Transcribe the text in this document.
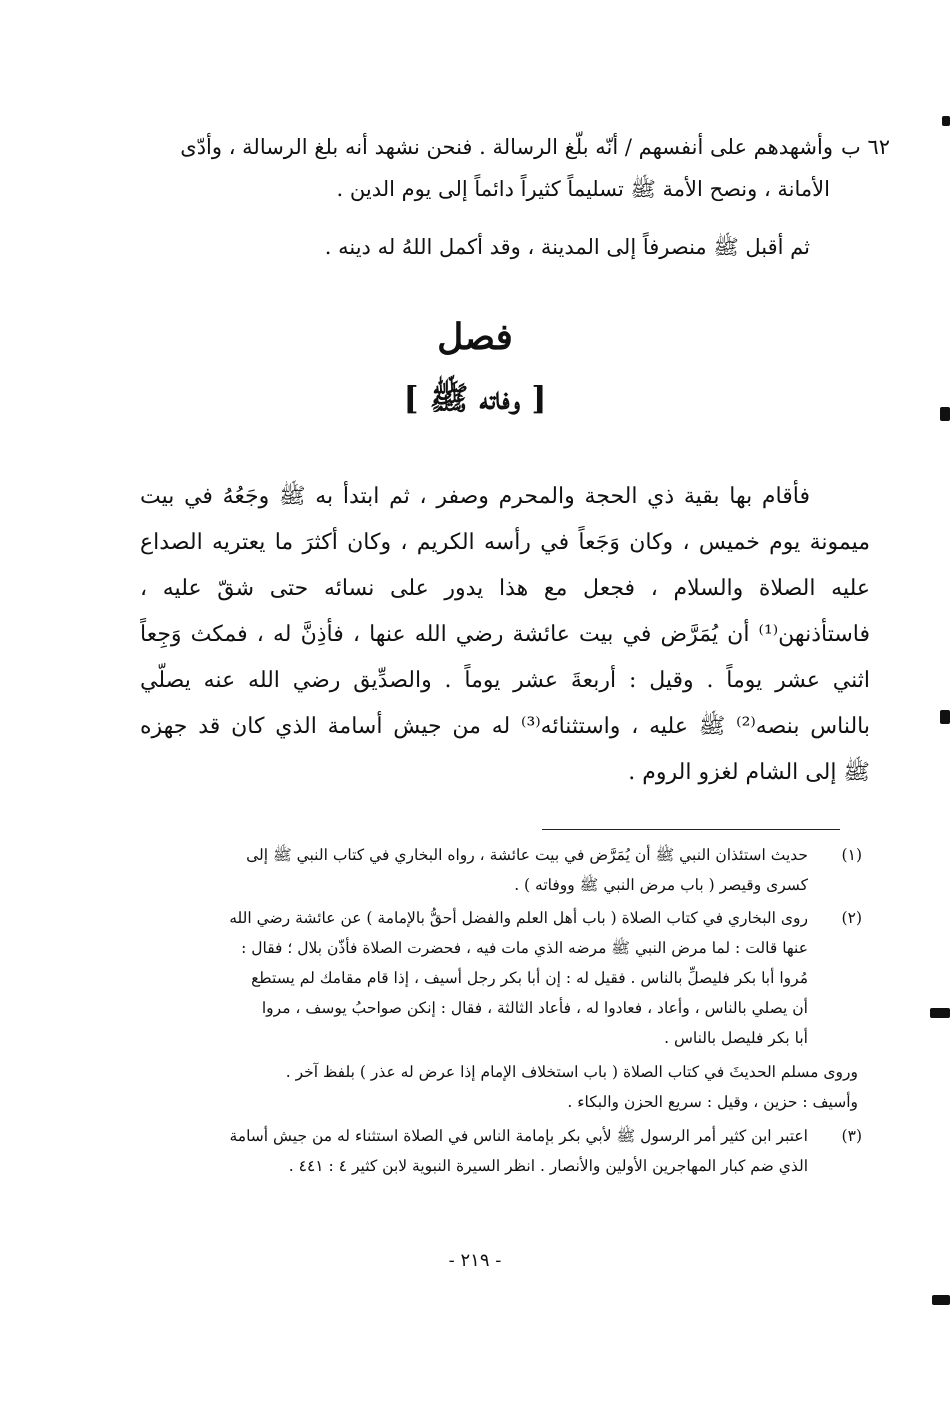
٦٢ بوأشهدهم على أنفسهم / أنّه بلّغ الرسالة . فنحن نشهد أنه بلغ الرسالة ، وأدّى
الأمانة ، ونصح الأمة ﷺ تسليماً كثيراً دائماً إلى يوم الدين .
ثم أقبل ﷺ منصرفاً إلى المدينة ، وقد أكمل اللهُ له دينه .
فصل
[ وفاته ﷺ ]
فأقام بها بقية ذي الحجة والمحرم وصفر ، ثم ابتدأ به ﷺ وجَعُهُ في بيت
ميمونة يوم خميس ، وكان وَجَعاً في رأسه الكريم ، وكان أكثرَ ما يعتريه الصداع
عليه الصلاة والسلام ، فجعل مع هذا يدور على نسائه حتى شقّ عليه ،
فاستأذنهن⁽¹⁾ أن يُمَرَّض في بيت عائشة رضي الله عنها ، فأذِنَّ له ، فمكث وَجِعاً
اثني عشر يوماً . وقيل : أربعةَ عشر يوماً . والصدِّيق رضي الله عنه يصلّي
بالناس بنصه⁽²⁾ ﷺ عليه ، واستثنائه⁽³⁾ له من جيش أسامة الذي كان قد جهزه
ﷺ إلى الشام لغزو الروم .
(١)
حديث استئذان النبي ﷺ أن يُمَرَّض في بيت عائشة ، رواه البخاري في كتاب النبي ﷺ إلى
كسرى وقيصر ( باب مرض النبي ﷺ ووفاته ) .
(٢)
روى البخاري في كتاب الصلاة ( باب أهل العلم والفضل أحقُّ بالإمامة ) عن عائشة رضي الله
عنها قالت : لما مرض النبي ﷺ مرضه الذي مات فيه ، فحضرت الصلاة فأذّن بلال ؛ فقال :
مُروا أبا بكر فليصلِّ بالناس . فقيل له : إن أبا بكر رجل أسيف ، إذا قام مقامك لم يستطع
أن يصلي بالناس ، وأعاد ، فعادوا له ، فأعاد الثالثة ، فقال : إنكن صواحبُ يوسف ، مروا
أبا بكر فليصل بالناس .
وروى مسلم الحديثَ في كتاب الصلاة ( باب استخلاف الإمام إذا عرض له عذر ) بلفظ آخر .
وأسيف : حزين ، وقيل : سريع الحزن والبكاء .
(٣)
اعتبر ابن كثير أمر الرسول ﷺ لأبي بكر بإمامة الناس في الصلاة استثناء له من جيش أسامة
الذي ضم كبار المهاجرين الأولين والأنصار . انظر السيرة النبوية لابن كثير ٤ : ٤٤١ .
- ٢١٩ -
